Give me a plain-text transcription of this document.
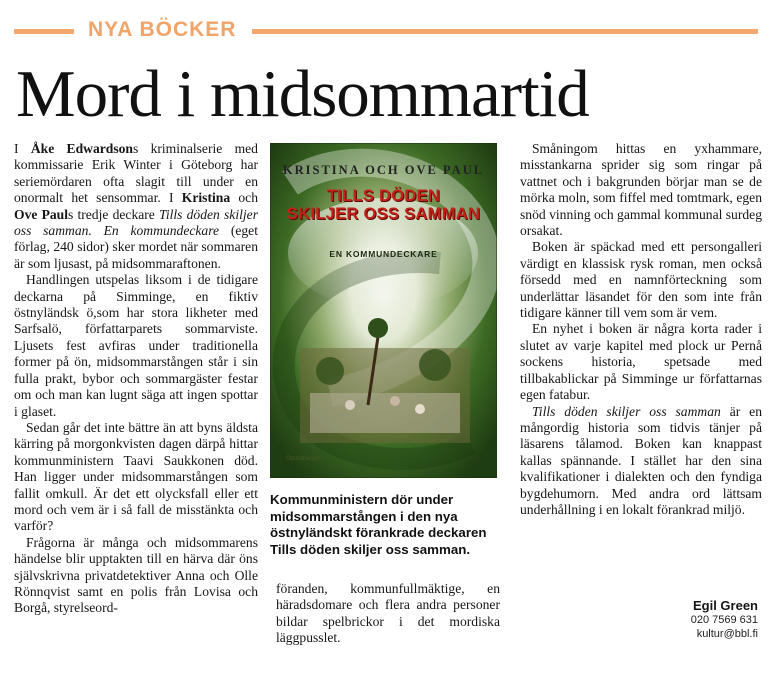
NYA BÖCKER
Mord i midsommartid

I Åke Edwardsons kriminalserie med kommissarie Erik Winter i Göteborg har seriemördaren ofta slagit till under en onormalt het sensommar. I Kristina och Ove Pauls tredje deckare Tills döden skiljer oss samman. En kommundeckare (eget förlag, 240 sidor) sker mordet när sommaren är som ljusast, på midsommaraftonen.

Handlingen utspelas liksom i de tidigare deckarna på Simminge, en fiktiv östnyländsk ö,som har stora likheter med Sarfsalö, författarparets sommarviste. Ljusets fest avfiras under traditionella former på ön, midsommarstången står i sin fulla prakt, bybor och sommargäster festar om och man kan lugnt säga att ingen spottar i glaset.

Sedan går det inte bättre än att byns äldsta kärring på morgonkvisten dagen därpå hittar kommunministern Taavi Saukkonen död. Han ligger under midsommarstången som fallit omkull. Är det ett olycksfall eller ett mord och vem är i så fall de misstänkta och varför?

Frågorna är många och midsommarens händelse blir upptakten till en härva där öns självskrivna privatdetektiver Anna och Olle Rönnqvist samt en polis från Lovisa och Borgå, styrelseord-

KRISTINA OCH OVE PAUL
TILLS DÖDEN
SKILJER OSS SAMMAN
EN KOMMUNDECKARE
Opusliberum

Kommunministern dör under midsommarstången i den nya östnyländskt förankrade deckaren Tills döden skiljer oss samman.

föranden, kommunfullmäktige, en häradsdomare och flera andra personer bildar spelbrickor i det mordiska läggpusslet.

Småningom hittas en yxhammare, misstankarna sprider sig som ringar på vattnet och i bakgrunden börjar man se de mörka moln, som fiffel med tomtmark, egen snöd vinning och gammal kommunal surdeg orsakat.

Boken är späckad med ett persongalleri värdigt en klassisk rysk roman, men också försedd med en namnförteckning som underlättar läsandet för den som inte från tidigare känner till vem som är vem.

En nyhet i boken är några korta rader i slutet av varje kapitel med plock ur Pernå sockens historia, spetsade med tillbakablickar på Simminge ur författarnas egen fatabur.

Tills döden skiljer oss samman är en mångordig historia som tidvis tänjer på läsarens tålamod. Boken kan knappast kallas spännande. I stället har den sina kvalifikationer i dialekten och den fyndiga bygdehumorn. Med andra ord lättsam underhållning i en lokalt förankrad miljö.

Egil Green
020 7569 631
kultur@bbl.fi
